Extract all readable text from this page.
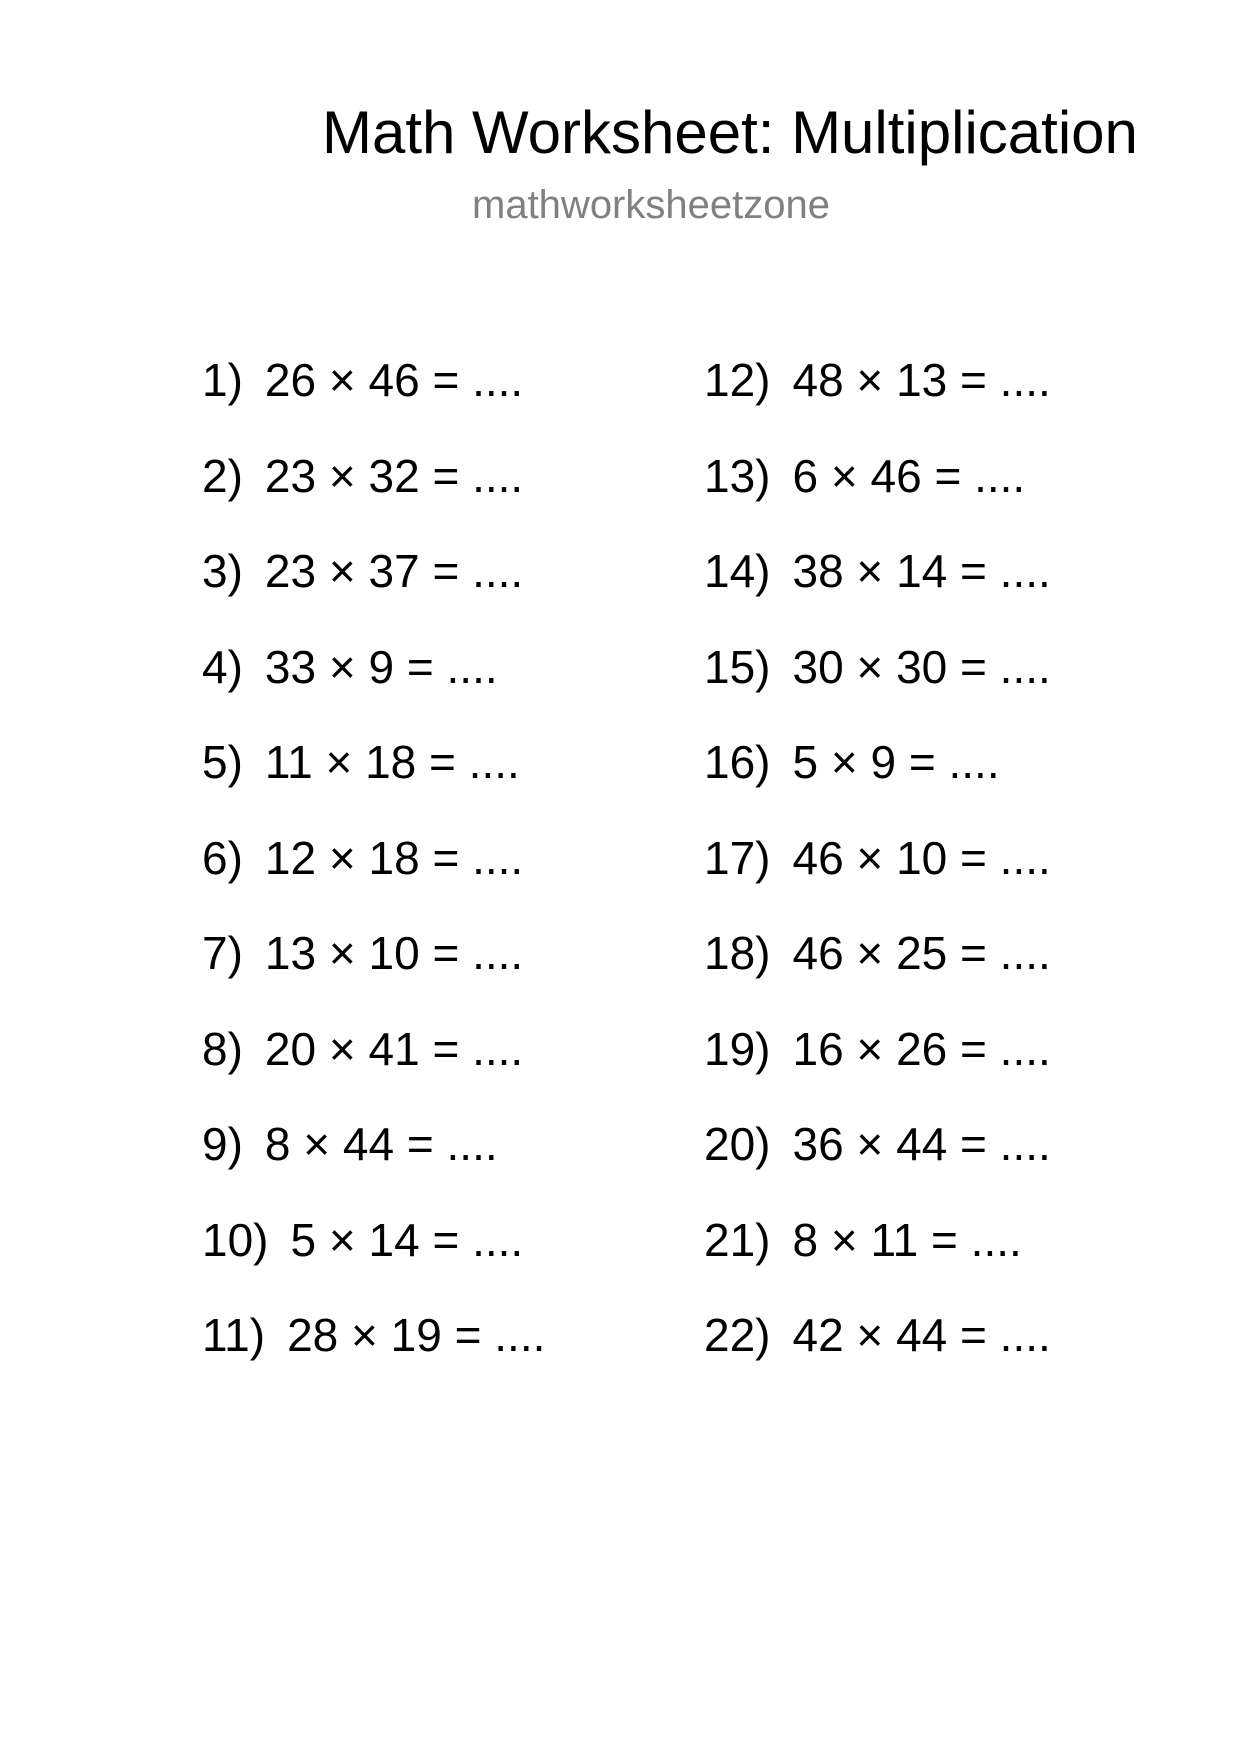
Math Worksheet: Multiplication
mathworksheetzone
1) 26 × 46 = ....
2) 23 × 32 = ....
3) 23 × 37 = ....
4) 33 × 9 = ....
5) 11 × 18 = ....
6) 12 × 18 = ....
7) 13 × 10 = ....
8) 20 × 41 = ....
9) 8 × 44 = ....
10) 5 × 14 = ....
11) 28 × 19 = ....
12) 48 × 13 = ....
13) 6 × 46 = ....
14) 38 × 14 = ....
15) 30 × 30 = ....
16) 5 × 9 = ....
17) 46 × 10 = ....
18) 46 × 25 = ....
19) 16 × 26 = ....
20) 36 × 44 = ....
21) 8 × 11 = ....
22) 42 × 44 = ....
